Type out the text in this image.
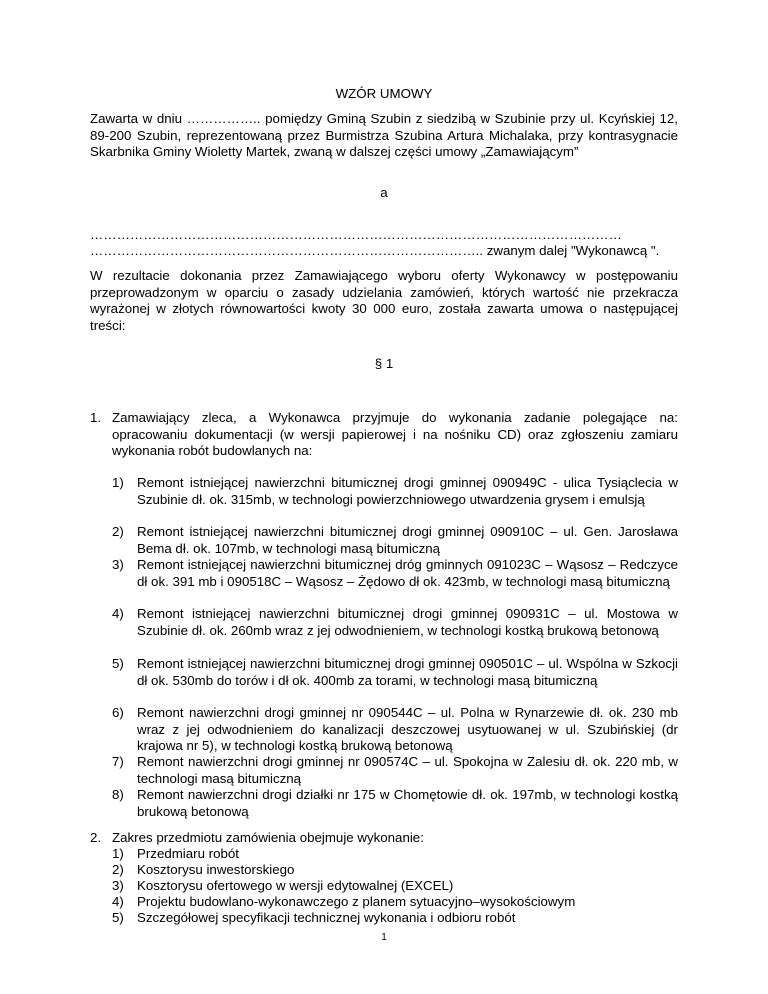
WZÓR UMOWY
Zawarta w dniu …………….. pomiędzy Gminą Szubin z siedzibą w Szubinie przy ul. Kcyńskiej 12, 89-200 Szubin, reprezentowaną przez Burmistrza Szubina Artura Michalaka, przy kontrasygnacie Skarbnika Gminy Wioletty Martek, zwaną w dalszej części umowy „Zamawiającym”
a
…………………………………………………………………………………………………………
…………………………………………………………………………….. zwanym dalej "Wykonawcą ".
W rezultacie dokonania przez Zamawiającego wyboru oferty Wykonawcy w postępowaniu przeprowadzonym w oparciu o zasady udzielania zamówień, których wartość nie przekracza wyrażonej w złotych równowartości kwoty 30 000 euro, została zawarta umowa o następującej treści:
§ 1
1. Zamawiający zleca, a Wykonawca przyjmuje do wykonania zadanie polegające na: opracowaniu dokumentacji (w wersji papierowej i na nośniku CD) oraz zgłoszeniu zamiaru wykonania robót budowlanych na:
1) Remont istniejącej nawierzchni bitumicznej drogi gminnej 090949C - ulica Tysiąclecia w Szubinie dł. ok. 315mb, w technologi powierzchniowego utwardzenia grysem i emulsją
2) Remont istniejącej nawierzchni bitumicznej drogi gminnej 090910C – ul. Gen. Jarosława Bema dł. ok. 107mb, w technologi masą bitumiczną
3) Remont istniejącej nawierzchni bitumicznej dróg gminnych 091023C – Wąsosz – Redczyce dł ok. 391 mb i 090518C – Wąsosz – Żędowo dł ok. 423mb, w technologi masą bitumiczną
4) Remont istniejącej nawierzchni bitumicznej drogi gminnej 090931C – ul. Mostowa w Szubinie dł. ok. 260mb wraz z jej odwodnieniem, w technologi kostką brukową betonową
5) Remont istniejącej nawierzchni bitumicznej drogi gminnej 090501C – ul. Wspólna w Szkocji dł ok. 530mb do torów i dł ok. 400mb za torami, w technologi masą bitumiczną
6) Remont nawierzchni drogi gminnej nr 090544C – ul. Polna w Rynarzewie dł. ok. 230 mb wraz z jej odwodnieniem do kanalizacji deszczowej usytuowanej w ul. Szubińskiej (dr krajowa nr 5), w technologi kostką brukową betonową
7) Remont nawierzchni drogi gminnej nr 090574C – ul. Spokojna w Zalesiu dł. ok. 220 mb, w technologi masą bitumiczną
8) Remont nawierzchni drogi działki nr 175 w Chomętowie dł. ok. 197mb, w technologi kostką brukową betonową
2. Zakres przedmiotu zamówienia obejmuje wykonanie:
1) Przedmiaru robót
2) Kosztorysu inwestorskiego
3) Kosztorysu ofertowego w wersji edytowalnej (EXCEL)
4) Projektu budowlano-wykonawczego z planem sytuacyjno–wysokościowym
5) Szczegółowej specyfikacji technicznej wykonania i odbioru robót
1
